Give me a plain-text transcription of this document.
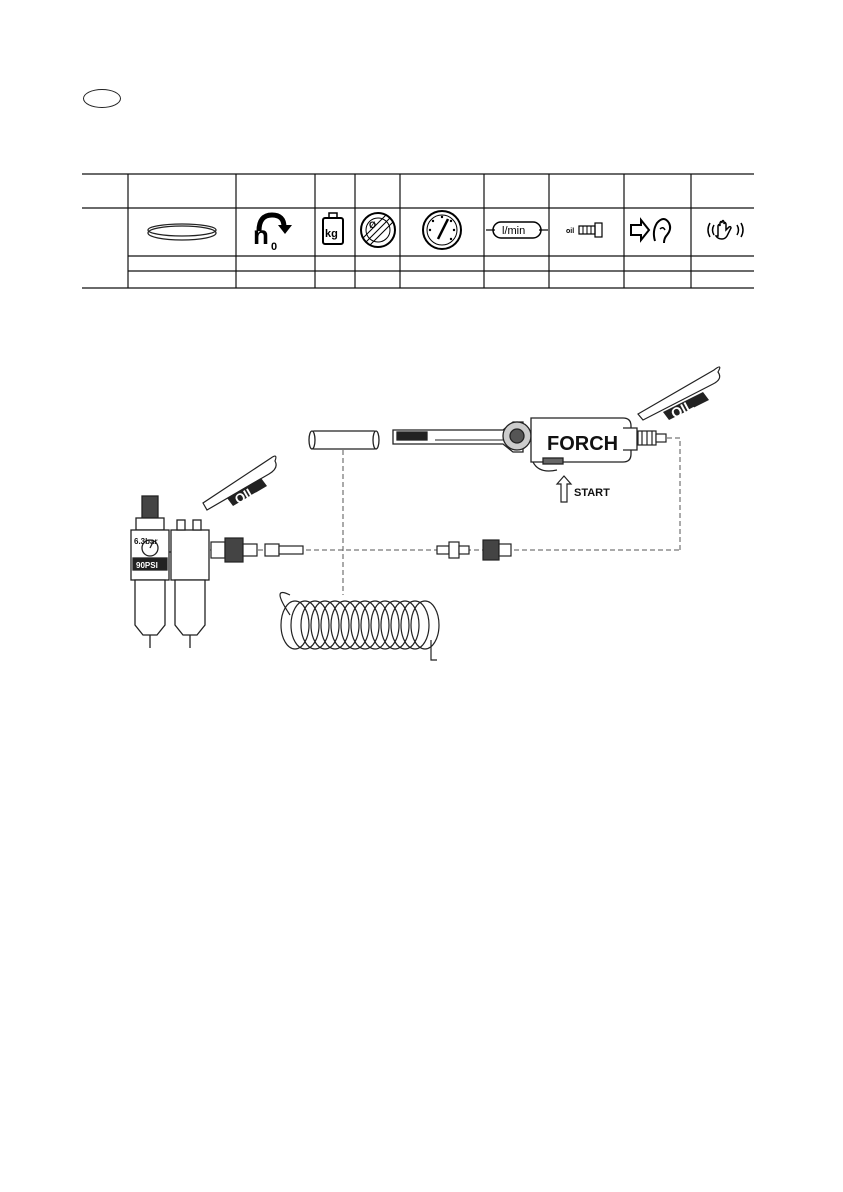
n 0
kg
Ø	l/min	oil
FORCH
START
OIL
6.3bar
90PSI
OIL
